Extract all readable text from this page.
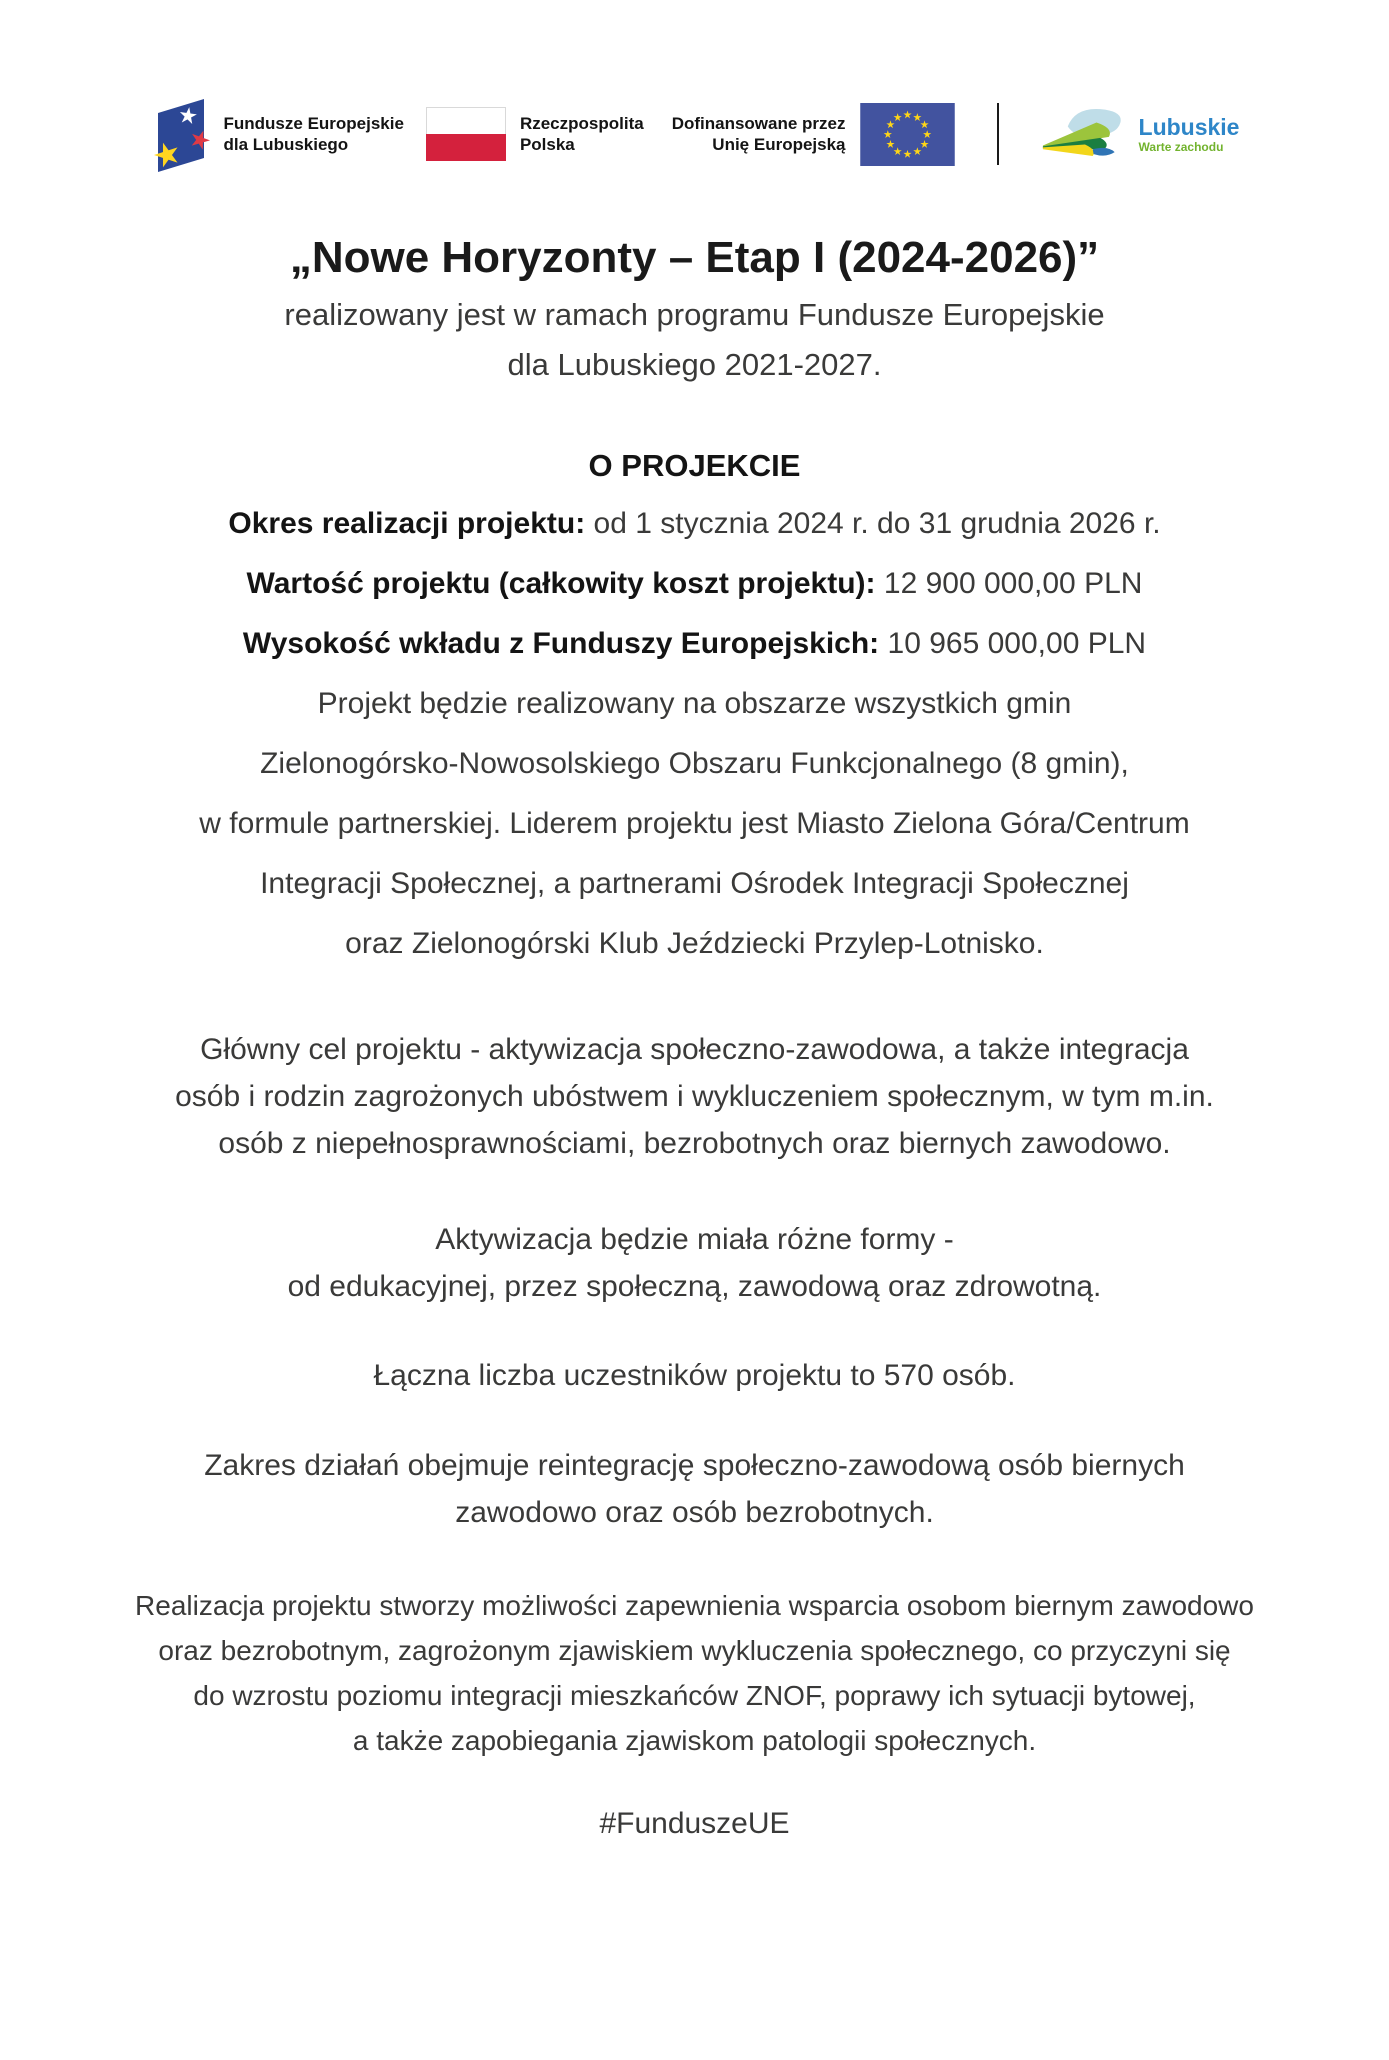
Fundusze Europejskie
dla Lubuskiego
Rzeczpospolita
Polska
Dofinansowane przez
Unię Europejską
Lubuskie
Warte zachodu
„Nowe Horyzonty – Etap I (2024-2026)”
realizowany jest w ramach programu Fundusze Europejskie
dla Lubuskiego 2021-2027.
O PROJEKCIE
Okres realizacji projektu: od 1 stycznia 2024 r. do 31 grudnia 2026 r.
Wartość projektu (całkowity koszt projektu): 12 900 000,00 PLN
Wysokość wkładu z Funduszy Europejskich: 10 965 000,00 PLN
Projekt będzie realizowany na obszarze wszystkich gmin
Zielonogórsko-Nowosolskiego Obszaru Funkcjonalnego (8 gmin),
w formule partnerskiej. Liderem projektu jest Miasto Zielona Góra/Centrum
Integracji Społecznej, a partnerami Ośrodek Integracji Społecznej
oraz Zielonogórski Klub Jeździecki Przylep-Lotnisko.
Główny cel projektu - aktywizacja społeczno-zawodowa, a także integracja
osób i rodzin zagrożonych ubóstwem i wykluczeniem społecznym, w tym m.in.
osób z niepełnosprawnościami, bezrobotnych oraz biernych zawodowo.
Aktywizacja będzie miała różne formy -
od edukacyjnej, przez społeczną, zawodową oraz zdrowotną.
Łączna liczba uczestników projektu to 570 osób.
Zakres działań obejmuje reintegrację społeczno-zawodową osób biernych
zawodowo oraz osób bezrobotnych.
Realizacja projektu stworzy możliwości zapewnienia wsparcia osobom biernym zawodowo
oraz bezrobotnym, zagrożonym zjawiskiem wykluczenia społecznego, co przyczyni się
do wzrostu poziomu integracji mieszkańców ZNOF, poprawy ich sytuacji bytowej,
a także zapobiegania zjawiskom patologii społecznych.
#FunduszeUE
